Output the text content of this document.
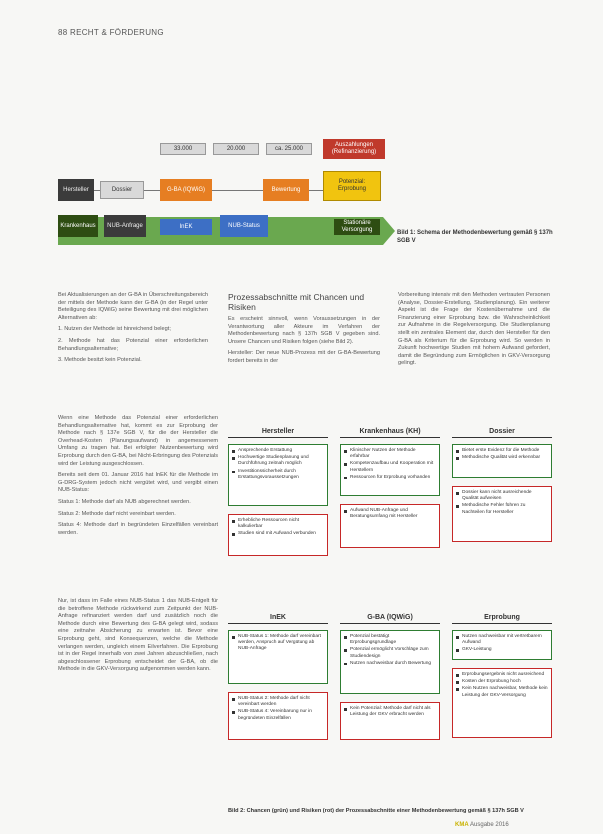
88 RECHT & FÖRDERUNG
33.000	20.000	ca. 25.000
Auszahlungen (Refinanzierung)
Hersteller	Dossier	G-BA (IQWiG)	Bewertung
Potenzial: Erprobung
Krankenhaus	NUB-Anfrage	InEK	NUB-Status	Stationäre Versorgung	Bild 1: Schema der Methodenbewertung gemäß § 137h SGB V

Bei Aktualisierungen an der G-BA in Überschreitungsbereich der mittels der Methode kann der G-BA (in der Regel unter Beteiligung des IQWiG) seine Bewertung mit drei möglichen Alternativen ab:

1. Nutzen der Methode ist hinreichend belegt;

2. Methode hat das Potenzial einer erforderlichen Behandlungsalternative;

3. Methode besitzt kein Potenzial.

Wenn eine Methode das Potenzial einer erforderlichen Behandlungsalternative hat, kommt es zur Erprobung der Methode nach § 137e SGB V, für die der Hersteller die Overhead-Kosten (Planungsaufwand) in angemessenem Umfang zu tragen hat. Bei erfolgter Nutzenbewertung wird Erprobung durch den G-BA, bei Nicht-Erbringung des Potenzials wird der Leistung ausgeschlossen.

Bereits seit dem 01. Januar 2016 hat InEK für die Methode im G-DRG-System jedoch nicht vergütet wird, und vergibt einen NUB-Status:

Status 1: Methode darf als NUB abgerechnet werden.

Status 2: Methode darf nicht vereinbart werden.

Status 4: Methode darf in begründeten Einzelfällen vereinbart werden.

Nur, ist dass im Falle eines NUB-Status 1 das NUB-Entgelt für die betroffene Methode rückwirkend zum Zeitpunkt der NUB-Anfrage refinanziert werden darf und zusätzlich noch die Methode durch eine Bewertung des G-BA gelegt wird, sodass eine zeitnahe Absicherung zu erwarten ist. Bevor eine Erprobung geht, sind Konsequenzen, welche die Methode verlangen werden, ungleich einem Eilverfahren. Die Erprobung ist in der Regel innerhalb von zwei Jahren abzuschließen, nach abgeschlossener Erprobung entscheidet der G-BA, ob die Methode in die GKV-Versorgung aufgenommen werden kann.

Prozessabschnitte mit Chancen und Risiken

Es erscheint sinnvoll, wenn Voraussetzungen in der Verantwortung aller Akteure im Verfahren der Methodenbewertung nach § 137h SGB V gegeben sind. Unsere Chancen und Risiken folgen (siehe Bild 2).

Hersteller: Der neue NUB-Prozess mit der G-BA-Bewertung fordert bereits in der

Vorbereitung intensiv mit den Methoden vertrauten Personen (Analyse, Dossier-Erstellung, Studienplanung). Ein weiterer Aspekt ist die Frage der Kostenübernahme und die Finanzierung einer Erprobung bzw. die Wahrscheinlichkeit zur Aufnahme in die Regelversorgung. Die Studienplanung stellt ein zentrales Element dar, durch den Hersteller für den G-BA als Kriterium für die Erprobung wird. So werden in Zukunft hochwertige Studien mit hohem Aufwand gefordert, damit die Begründung zum Ermöglichen in GKV-Versorgung gelingt.

Hersteller	Krankenhaus (KH)	Dossier
InEK	G-BA (IQWiG)	Erprobung
Ansprechende Erstattung
Hochwertige Studienplanung und Durchführung zeitnah möglich
Investitionssicherheit durch Erstattungsvoraussetzungen
Erhebliche Ressourcen nicht kalkulierbar
Studien sind mit Aufwand verbunden
Klinischer Nutzen der Methode erfahrbar
Kompetenzaufbau und Kooperation mit Herstellern
Ressourcen für Erprobung vorhanden
Aufwand NUB-Anfrage und Beratungsumfang mit Hersteller
Bietet erste Evidenz für die Methode
Methodische Qualität wird erkennbar
Dossier kann nicht ausreichende Qualität aufweisen
Methodische Fehler führen zu Nachteilen für Hersteller
NUB-Status 1: Methode darf vereinbart werden, Anspruch auf Vergütung ab NUB-Anfrage
NUB-Status 2: Methode darf nicht vereinbart werden
NUB-Status 4: Vereinbarung nur in begründeten Einzelfällen
Potenzial bestätigt Erprobungsgrundlage
Potenzial ermöglicht Vorschläge zum Studiendesign
Nutzen nachweisbar durch Bewertung
Kein Potenzial: Methode darf nicht als Leistung der GKV erbracht werden
Nutzen nachweisbar mit vertretbarem Aufwand
GKV-Leistung
Erprobungsergebnis nicht ausreichend
Kosten der Erprobung hoch
Kein Nutzen nachweisbar, Methode kein Leistung der GKV-Versorgung
Bild 2: Chancen (grün) und Risiken (rot) der Prozessabschnitte einer Methodenbewertung gemäß § 137h SGB V
KMA Ausgabe 2016
